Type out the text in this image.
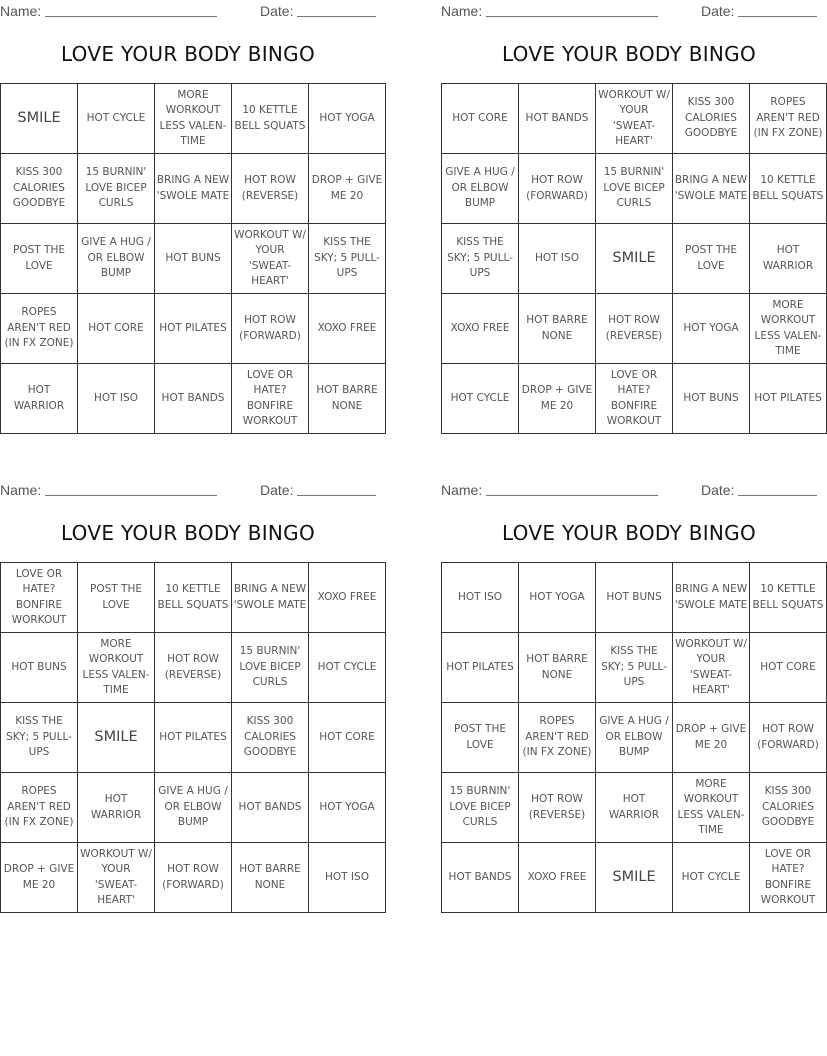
Name:	Date:
LOVE YOUR BODY BINGO
SMILE	HOT CYCLE	MORE WORKOUT LESS VALEN-TIME	10 KETTLE BELL SQUATS	HOT YOGA
KISS 300 CALORIES GOODBYE	15 BURNIN' LOVE BICEP CURLS	BRING A NEW 'SWOLE MATE	HOT ROW (REVERSE)	DROP + GIVE ME 20
POST THE LOVE	GIVE A HUG / OR ELBOW BUMP	HOT BUNS	WORKOUT W/ YOUR 'SWEAT-HEART'	KISS THE SKY; 5 PULL-UPS
ROPES AREN'T RED (IN FX ZONE)	HOT CORE	HOT PILATES	HOT ROW (FORWARD)	XOXO FREE
HOT WARRIOR	HOT ISO	HOT BANDS	LOVE OR HATE? BONFIRE WORKOUT	HOT BARRE NONE
Name:	Date:
LOVE YOUR BODY BINGO
HOT CORE	HOT BANDS	WORKOUT W/ YOUR 'SWEAT-HEART'	KISS 300 CALORIES GOODBYE	ROPES AREN'T RED (IN FX ZONE)
GIVE A HUG / OR ELBOW BUMP	HOT ROW (FORWARD)	15 BURNIN' LOVE BICEP CURLS	BRING A NEW 'SWOLE MATE	10 KETTLE BELL SQUATS
KISS THE SKY; 5 PULL-UPS	HOT ISO	SMILE	POST THE LOVE	HOT WARRIOR
XOXO FREE	HOT BARRE NONE	HOT ROW (REVERSE)	HOT YOGA	MORE WORKOUT LESS VALEN-TIME
HOT CYCLE	DROP + GIVE ME 20	LOVE OR HATE? BONFIRE WORKOUT	HOT BUNS	HOT PILATES
Name:	Date:
LOVE YOUR BODY BINGO
LOVE OR HATE? BONFIRE WORKOUT	POST THE LOVE	10 KETTLE BELL SQUATS	BRING A NEW 'SWOLE MATE	XOXO FREE
HOT BUNS	MORE WORKOUT LESS VALEN-TIME	HOT ROW (REVERSE)	15 BURNIN' LOVE BICEP CURLS	HOT CYCLE
KISS THE SKY; 5 PULL-UPS	SMILE	HOT PILATES	KISS 300 CALORIES GOODBYE	HOT CORE
ROPES AREN'T RED (IN FX ZONE)	HOT WARRIOR	GIVE A HUG / OR ELBOW BUMP	HOT BANDS	HOT YOGA
DROP + GIVE ME 20	WORKOUT W/ YOUR 'SWEAT-HEART'	HOT ROW (FORWARD)	HOT BARRE NONE	HOT ISO
Name:	Date:
LOVE YOUR BODY BINGO
HOT ISO	HOT YOGA	HOT BUNS	BRING A NEW 'SWOLE MATE	10 KETTLE BELL SQUATS
HOT PILATES	HOT BARRE NONE	KISS THE SKY; 5 PULL-UPS	WORKOUT W/ YOUR 'SWEAT-HEART'	HOT CORE
POST THE LOVE	ROPES AREN'T RED (IN FX ZONE)	GIVE A HUG / OR ELBOW BUMP	DROP + GIVE ME 20	HOT ROW (FORWARD)
15 BURNIN' LOVE BICEP CURLS	HOT ROW (REVERSE)	HOT WARRIOR	MORE WORKOUT LESS VALEN-TIME	KISS 300 CALORIES GOODBYE
HOT BANDS	XOXO FREE	SMILE	HOT CYCLE	LOVE OR HATE? BONFIRE WORKOUT
